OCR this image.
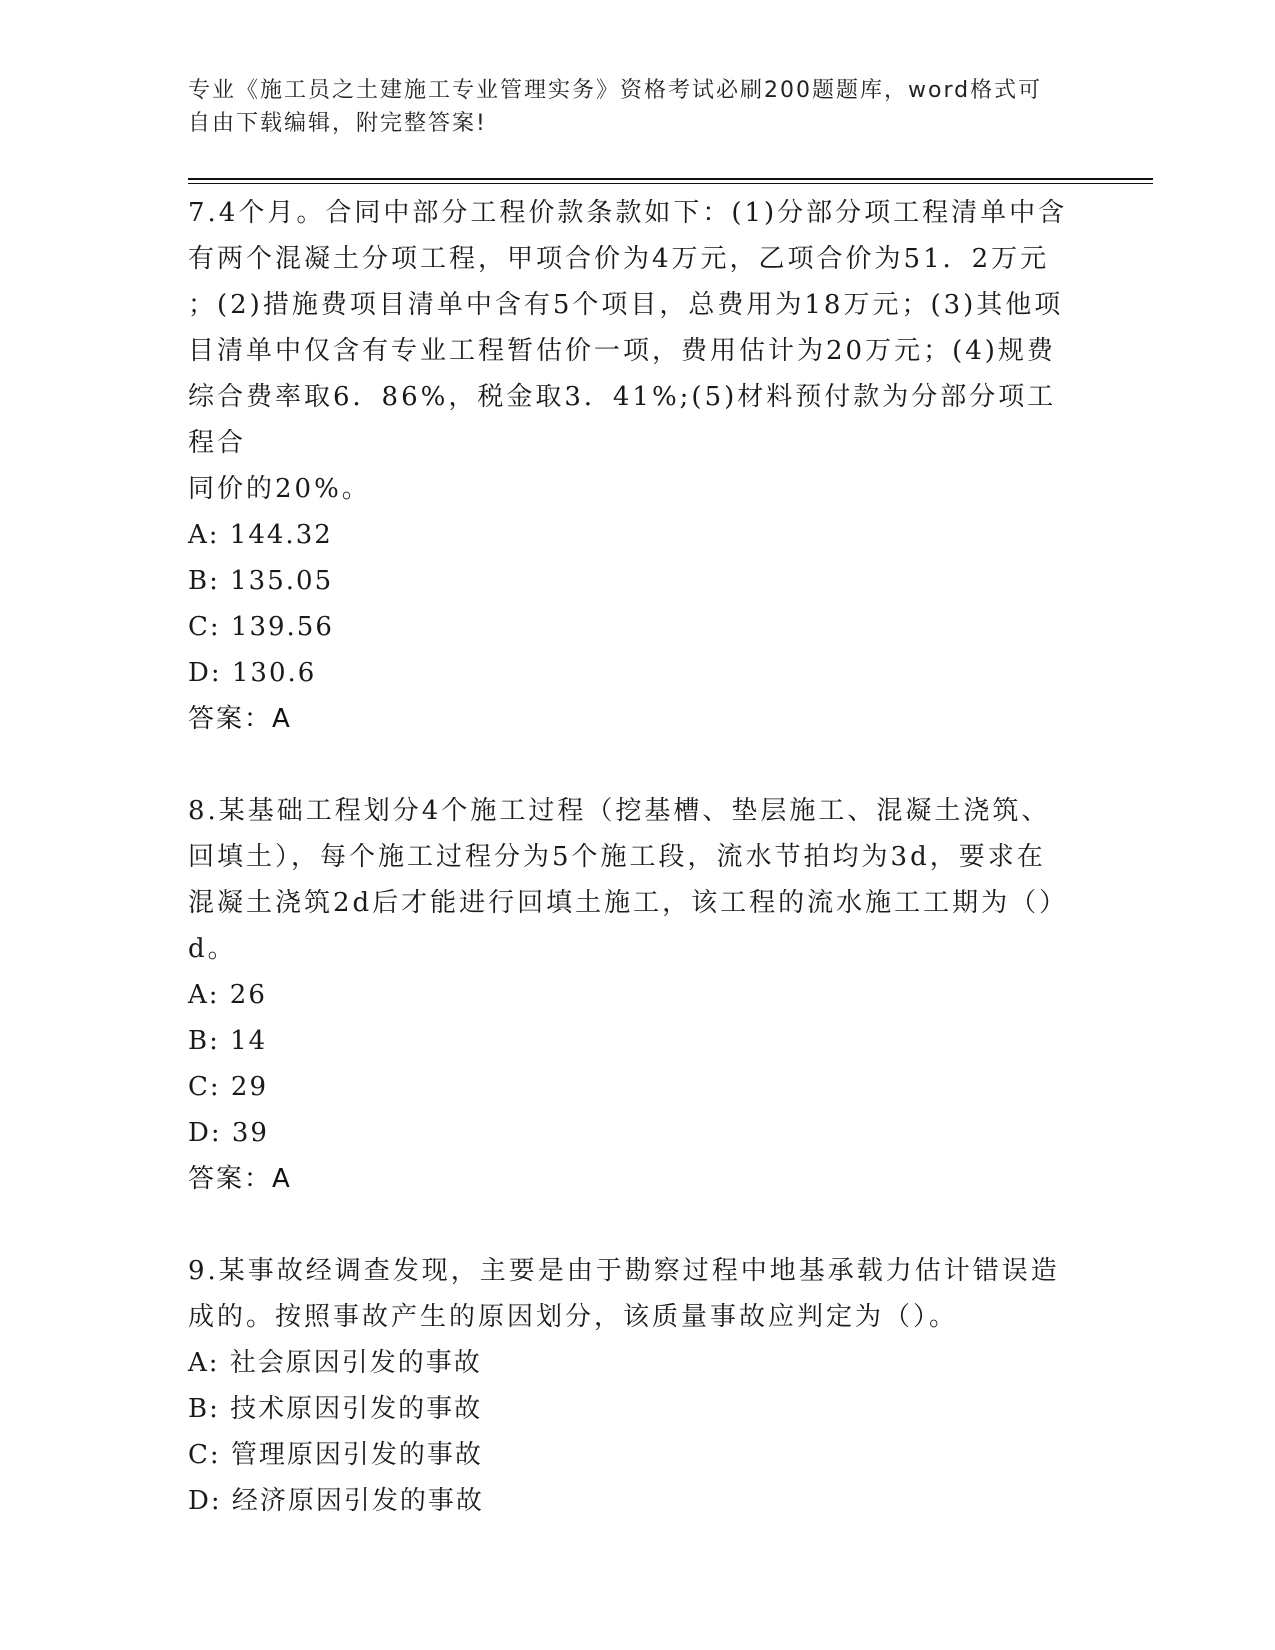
专业《施工员之土建施工专业管理实务》资格考试必刷200题题库，word格式可
自由下载编辑，附完整答案!

7.4个月。合同中部分工程价款条款如下：(1)分部分项工程清单中含

有两个混凝土分项工程，甲项合价为4万元，乙项合价为51．2万元

；(2)措施费项目清单中含有5个项目，总费用为18万元；(3)其他项

目清单中仅含有专业工程暂估价一项，费用估计为20万元；(4)规费

综合费率取6．86%，税金取3．41%;(5)材料预付款为分部分项工程合

同价的20%。

A: 144.32

B: 135.05

C: 139.56

D: 130.6

答案：A

8.某基础工程划分4个施工过程（挖基槽、垫层施工、混凝土浇筑、

回填土），每个施工过程分为5个施工段，流水节拍均为3d，要求在

混凝土浇筑2d后才能进行回填土施工，该工程的流水施工工期为（）

d。

A: 26

B: 14

C: 29

D: 39

答案：A

9.某事故经调查发现，主要是由于勘察过程中地基承载力估计错误造

成的。按照事故产生的原因划分，该质量事故应判定为（）。

A: 社会原因引发的事故

B: 技术原因引发的事故

C: 管理原因引发的事故

D: 经济原因引发的事故
